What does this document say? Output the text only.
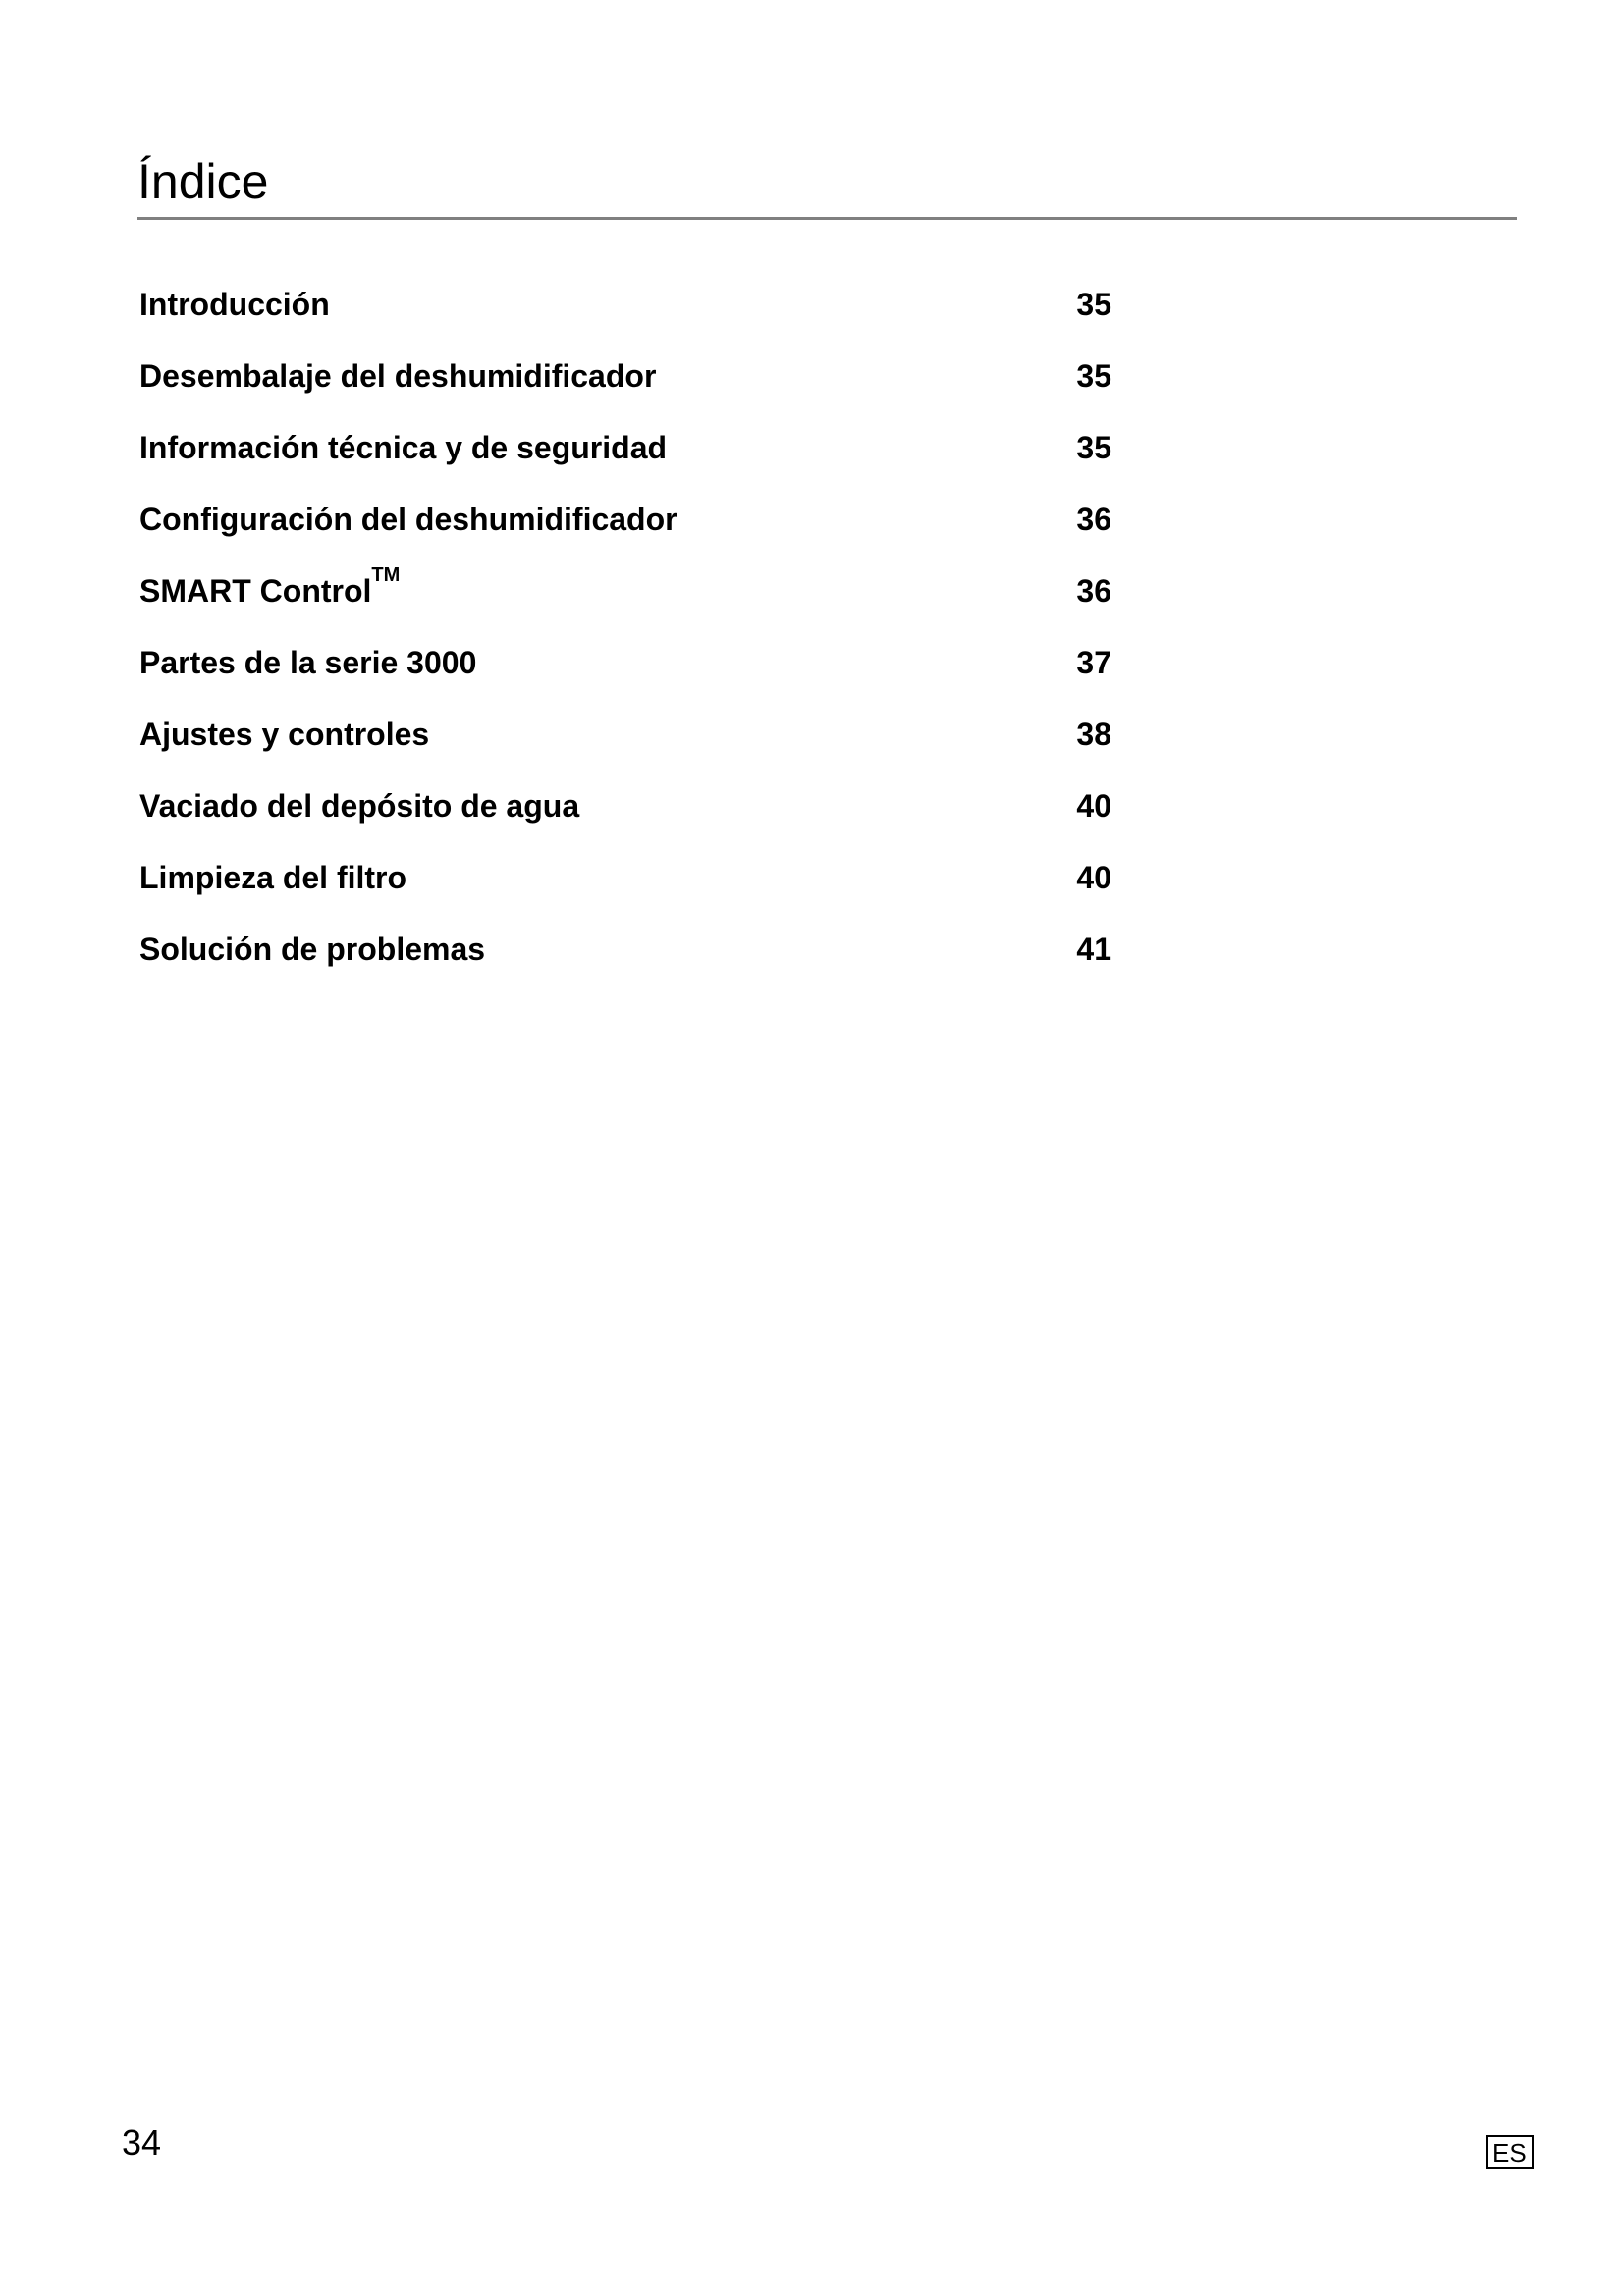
Índice
Introducción	35
Desembalaje del deshumidificador	35
Información técnica y de seguridad	35
Configuración del deshumidificador	36
SMART Control™	36
Partes de la serie 3000	37
Ajustes y controles	38
Vaciado del depósito de agua	40
Limpieza del filtro	40
Solución de problemas	41
34	ES
